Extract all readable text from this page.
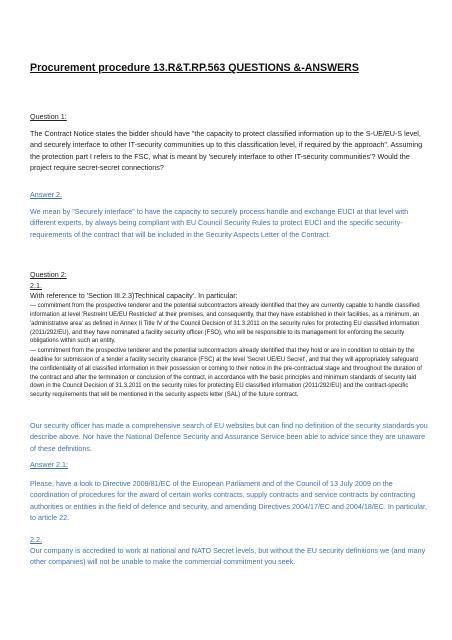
Procurement procedure 13.R&T.RP.563 QUESTIONS &-ANSWERS
Question 1:

The Contract Notice states the bidder should have "the capacity to protect classified information up to the S-UE/EU-S level, and securely interface to other IT-security communities up to this classification level, if required by the approach". Assuming the protection part I refers to the FSC, what is meant by 'securely interface to other IT-security communities'? Would the project require secret-secret connections?

Answer 2.

We mean by "Securely interface" to have the capacity to securely process handle and exchange EUCI at that level with different experts, by always being compliant with EU Council Security Rules to protect EUCI and the specific security-requirements of the contract that will be included in the Security Aspects Letter of the Contract.

Question 2:
2.1.

With reference to 'Section III.2.3)Technical capacity'. In particular:

— commitment from the prospective tenderer and the potential subcontractors already identified that they are currently capable to handle classified information at level 'Restreint UE/EU Restricted' at their premises, and consequently, that they have established in their facilities, as a minimum, an 'administrative area' as defined in Annex II Title IV of the Council Decision of 31.3.2011 on the security rules for protecting EU classified information (2011/292/EU), and they have nominated a facility security officer (FSO), who will be responsible to its management for enforcing the security obligations within such an entity,

— commitment from the prospective tenderer and the potential subcontractors already identified that they hold or are in condition to obtain by the deadline for submission of a tender a facility security clearance (FSC) at the level 'Secret UE/EU Secret', and that they will appropriately safeguard the confidentiality of all classified information in their possession or coming to their notice in the pre-contractual stage and throughout the duration of the contract and after the termination or conclusion of the contract, in accordance with the basic principles and minimum standards of security laid down in the Council Decision of 31.3.2011 on the security rules for protecting EU classified information (2011/292/EU) and the contract-specific security requirements that will be mentioned in the security aspects letter (SAL) of the future contract,

Our security officer has made a comprehensive search of EU websites but can find no definition of the security standards you describe above. Nor have the National Defence Security and Assurance Service been able to advice since they are unaware of these definitions.

Answer 2.1:

Please, have a look to Directive 2009/81/EC of the European Parliament and of the Council of 13 July 2009 on the coordination of procedures for the award of certain works contracts, supply contracts and service contracts by contracting authorities or entities in the field of defence and security, and amending Directives 2004/17/EC and 2004/18/EC. In particular, to article 22.

2.2.

Our company is accredited to work at national and NATO Secret levels, but without the EU security definitions we (and many other companies) will not be unable to make the commercial commitment you seek.
